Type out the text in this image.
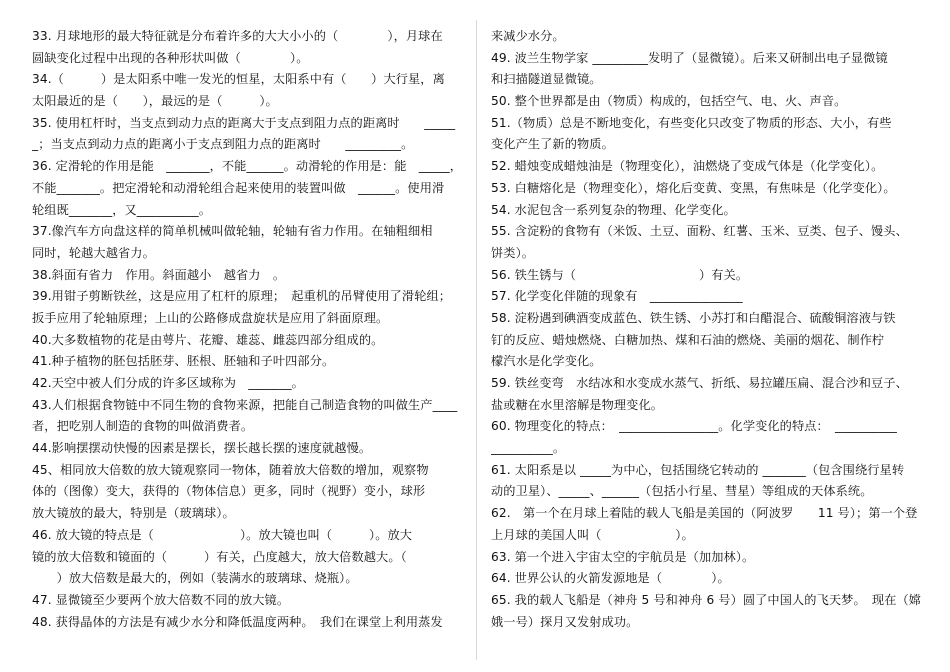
33. 月球地形的最大特征就是分布着许多的大大小小的（　　　　），月球在
圆缺变化过程中出现的各种形状叫做（　　　　）。
34.（　　　）是太阳系中唯一发光的恒星，太阳系中有（　　）大行星，离
太阳最近的是（　　），最远的是（　　　）。
35. 使用杠杆时，当支点到动力点的距离大于支点到阻力点的距离时　　_____
_；当支点到动力点的距离小于支点到阻力点的距离时　　_________。
36. 定滑轮的作用是能　_______，不能______。动滑轮的作用是：能　_____，
不能_______。把定滑轮和动滑轮组合起来使用的装置叫做　______。使用滑
轮组既_______，又__________。
37.像汽车方向盘这样的简单机械叫做轮轴，轮轴有省力作用。在轴粗细相
同时，轮越大越省力。
38.斜面有省力　作用。斜面越小　越省力　。
39.用钳子剪断铁丝，这是应用了杠杆的原理；　起重机的吊臂使用了滑轮组；
扳手应用了轮轴原理；上山的公路修成盘旋状是应用了斜面原理。
40.大多数植物的花是由萼片、花瓣、雄蕊、雌蕊四部分组成的。
41.种子植物的胚包括胚芽、胚根、胚轴和子叶四部分。
42.天空中被人们分成的许多区域称为　_______。
43.人们根据食物链中不同生物的食物来源，把能自己制造食物的叫做生产____
者，把吃别人制造的食物的叫做消费者。
44.影响摆摆动快慢的因素是摆长，摆长越长摆的速度就越慢。
45、相同放大倍数的放大镜观察同一物体，随着放大倍数的增加，观察物
体的（图像）变大，获得的（物体信息）更多，同时（视野）变小，球形
放大镜放的最大，特别是（玻璃球）。
46. 放大镜的特点是（　　　　　　　）。放大镜也叫（　　　）。放大
镜的放大倍数和镜面的（　　　）有关，凸度越大，放大倍数越大。（
　　）放大倍数是最大的，例如（装满水的玻璃球、烧瓶）。
47. 显微镜至少要两个放大倍数不同的放大镜。
48. 获得晶体的方法是有减少水分和降低温度两种。　我们在课堂上利用蒸发
来减少水分。
49. 波兰生物学家 _________发明了（显微镜）。后来又研制出电子显微镜
和扫描隧道显微镜。
50. 整个世界都是由（物质）构成的，包括空气、电、火、声音。
51.（物质）总是不断地变化，有些变化只改变了物质的形态、大小，有些
变化产生了新的物质。
52. 蜡烛变成蜡烛油是（物理变化），油燃烧了变成气体是（化学变化）。
53. 白糖熔化是（物理变化），熔化后变黄、变黑，有焦味是（化学变化）。
54. 水泥包含一系列复杂的物理、化学变化。
55. 含淀粉的食物有（米饭、土豆、面粉、红薯、玉米、豆类、包子、馒头、
饼类）。
56. 铁生锈与（　　　　　　　　　　）有关。
57. 化学变化伴随的现象有　_______________
58. 淀粉遇到碘酒变成蓝色、铁生锈、小苏打和白醋混合、硫酸铜溶液与铁
钉的反应、蜡烛燃烧、白糖加热、煤和石油的燃烧、美丽的烟花、制作柠
檬汽水是化学变化。
59. 铁丝变弯　水结冰和水变成水蒸气、折纸、易拉罐压扁、混合沙和豆子、
盐或糖在水里溶解是物理变化。
60. 物理变化的特点：　________________。化学变化的特点：　__________
__________。
61. 太阳系是以 _____为中心，包括围绕它转动的 _______（包含围绕行星转
动的卫星）、_____、______（包括小行星、彗星）等组成的天体系统。
62.　第一个在月球上着陆的载人飞船是美国的（阿波罗　　11 号）；第一个登
上月球的美国人叫（　　　　　　）。
63. 第一个进入宇宙太空的宇航员是（加加林）。
64. 世界公认的火箭发源地是（　　　　）。
65. 我的载人飞船是（神舟 5 号和神舟 6 号）圆了中国人的飞天梦。　现在（嫦
娥一号）探月又发射成功。
